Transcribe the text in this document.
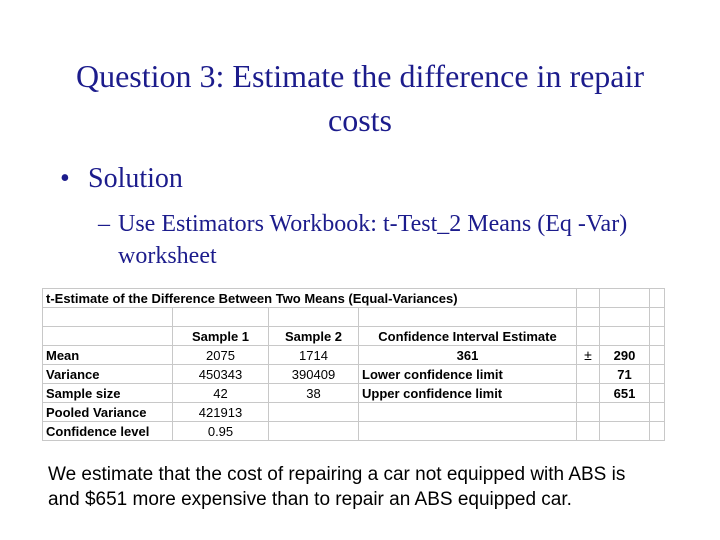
Question 3: Estimate the difference in repair costs
• Solution
– Use Estimators Workbook: t-Test_2 Means (Eq -Var) worksheet
t-Estimate of the Difference Between Two Means (Equal-Variances)						

	Sample 1	Sample 2	Confidence Interval Estimate			
Mean	2075	1714	361	±	290	
Variance	450343	390409	Lower confidence limit		71	
Sample size	42	38	Upper confidence limit		651	
Pooled Variance	421913					
Confidence level	0.95					
We estimate that the cost of repairing a car not equipped with ABS is
and $651 more expensive than to repair an ABS equipped car.
